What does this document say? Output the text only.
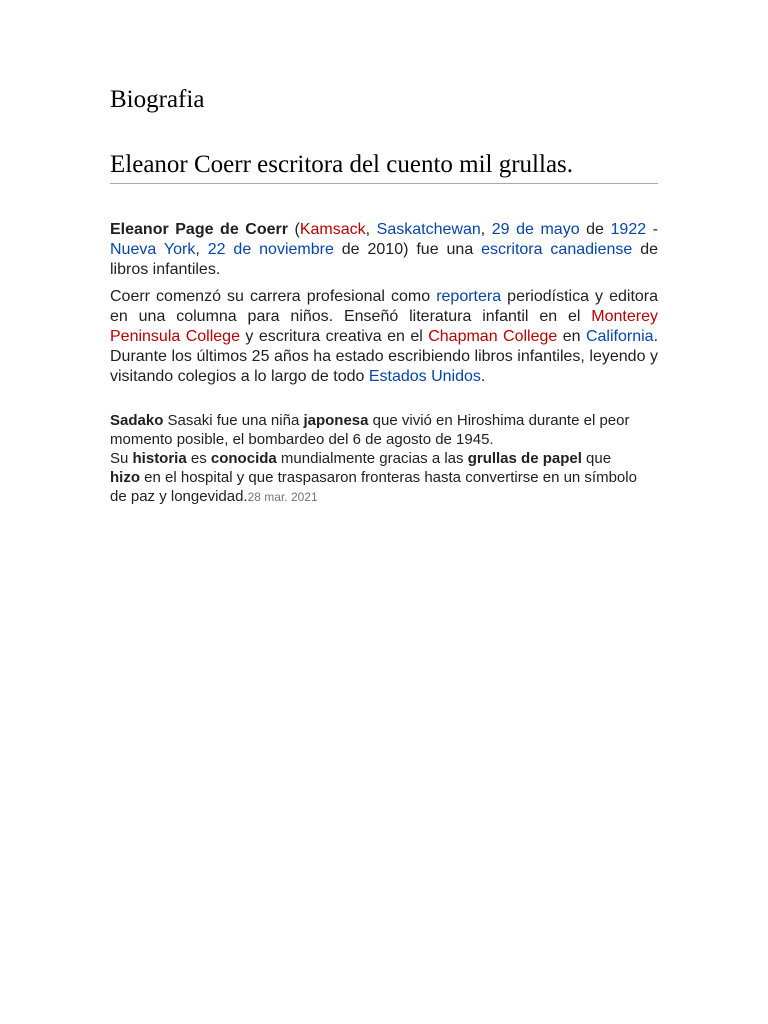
Biografia
Eleanor Coerr escritora del cuento mil grullas.

Eleanor Page de Coerr (Kamsack, Saskatchewan, 29 de mayo de 1922 - Nueva York, 22 de noviembre de 2010) fue una escritora canadiense de libros infantiles.

Coerr comenzó su carrera profesional como reportera periodística y editora en una columna para niños. Enseñó literatura infantil en el Monterey Peninsula College y escritura creativa en el Chapman College en California. Durante los últimos 25 años ha estado escribiendo libros infantiles, leyendo y visitando colegios a lo largo de todo Estados Unidos.

Sadako Sasaki fue una niña japonesa que vivió en Hiroshima durante el peor momento posible, el bombardeo del 6 de agosto de 1945.
Su historia es conocida mundialmente gracias a las grullas de papel que hizo en el hospital y que traspasaron fronteras hasta convertirse en un símbolo de paz y longevidad.28 mar. 2021
